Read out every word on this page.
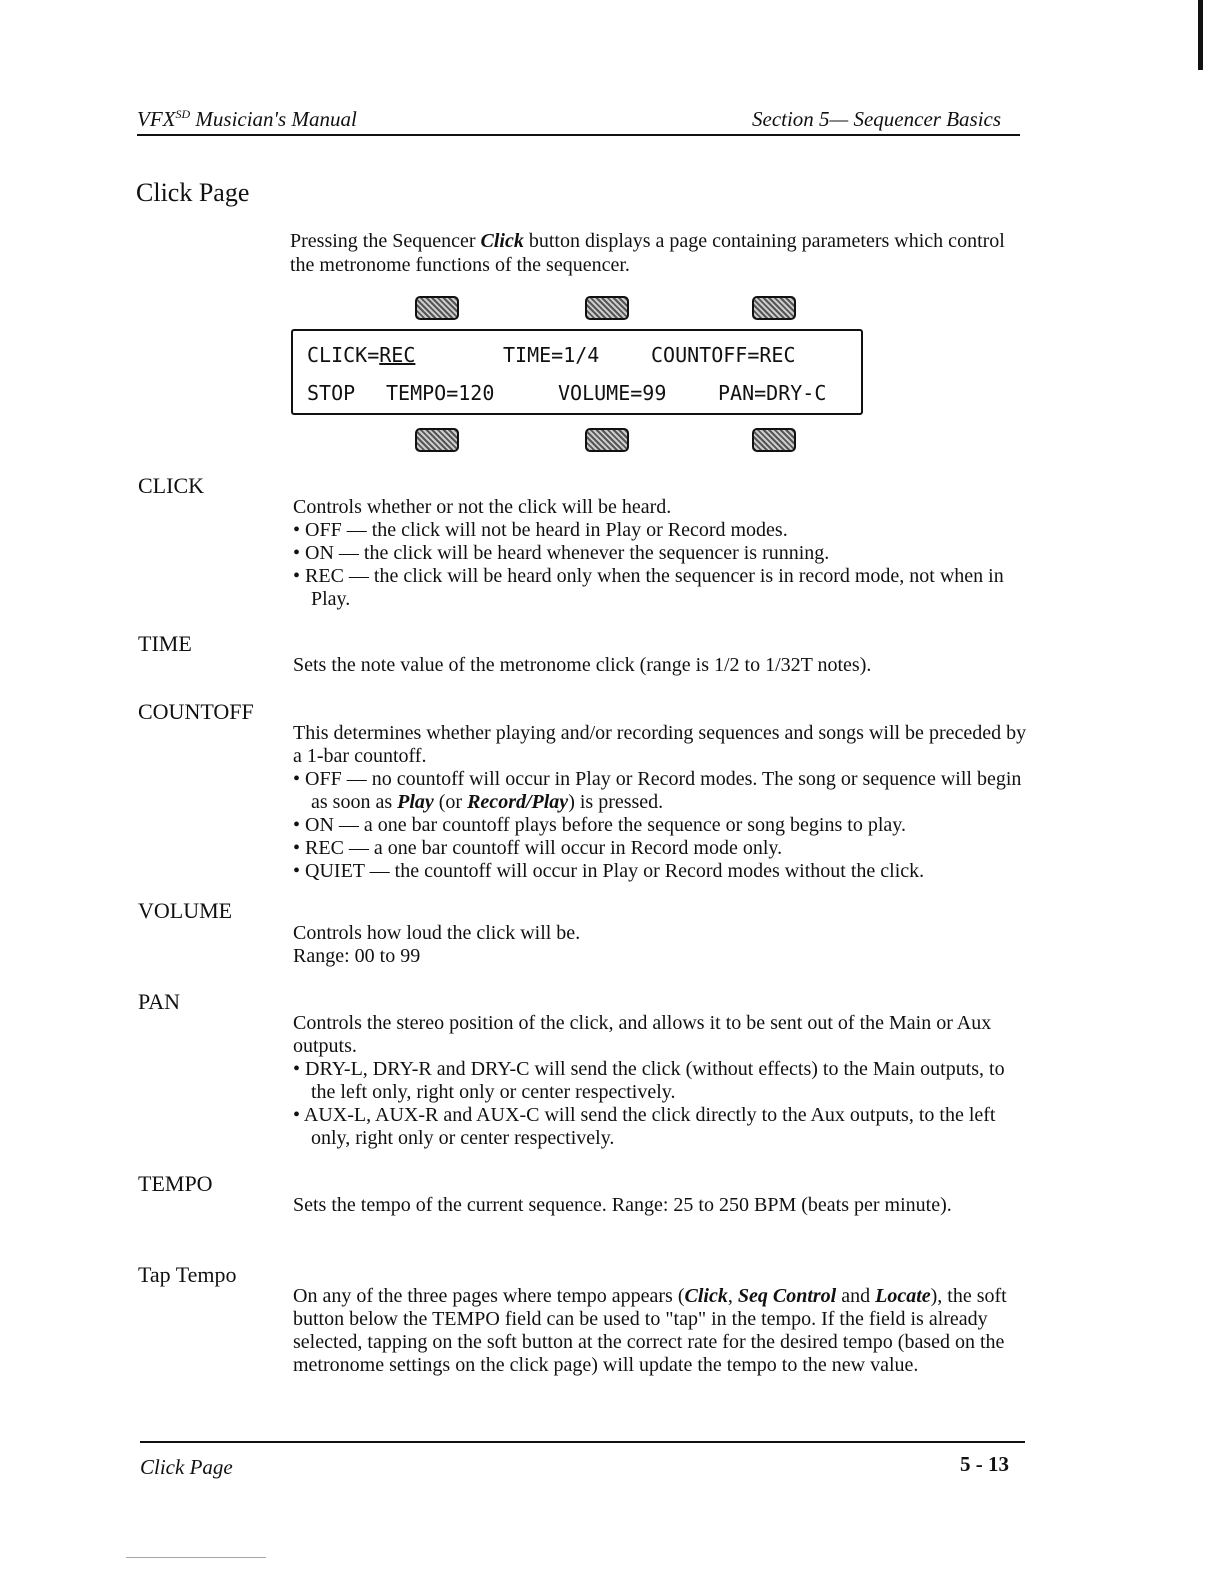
$VFX^{SD}$ Musician's Manual	Section 5— Sequencer Basics
Click Page
Pressing the Sequencer Click button displays a page containing parameters which control the metronome functions of the sequencer.
CLICK=REC	TIME=1/4	COUNTOFF=REC
STOP TEMPO=120	VOLUME=99	PAN=DRY-C
CLICK

Controls whether or not the click will be heard.

• OFF — the click will not be heard in Play or Record modes.
• ON — the click will be heard whenever the sequencer is running.
• REC — the click will be heard only when the sequencer is in record mode, not when in Play.
TIME

Sets the note value of the metronome click (range is 1/2 to 1/32T notes).

COUNTOFF

This determines whether playing and/or recording sequences and songs will be preceded by a 1-bar countoff.

• OFF — no countoff will occur in Play or Record modes. The song or sequence will begin as soon as Play (or Record/Play) is pressed.
• ON — a one bar countoff plays before the sequence or song begins to play.
• REC — a one bar countoff will occur in Record mode only.
• QUIET — the countoff will occur in Play or Record modes without the click.
VOLUME

Controls how loud the click will be.

Range: 00 to 99

PAN

Controls the stereo position of the click, and allows it to be sent out of the Main or Aux outputs.

• DRY-L, DRY-R and DRY-C will send the click (without effects) to the Main outputs, to the left only, right only or center respectively.
• AUX-L, AUX-R and AUX-C will send the click directly to the Aux outputs, to the left only, right only or center respectively.
TEMPO

Sets the tempo of the current sequence. Range: 25 to 250 BPM (beats per minute).

Tap Tempo

On any of the three pages where tempo appears (Click, Seq Control and Locate), the soft button below the TEMPO field can be used to "tap" in the tempo. If the field is already selected, tapping on the soft button at the correct rate for the desired tempo (based on the metronome settings on the click page) will update the tempo to the new value.

Click Page	5 - 13
